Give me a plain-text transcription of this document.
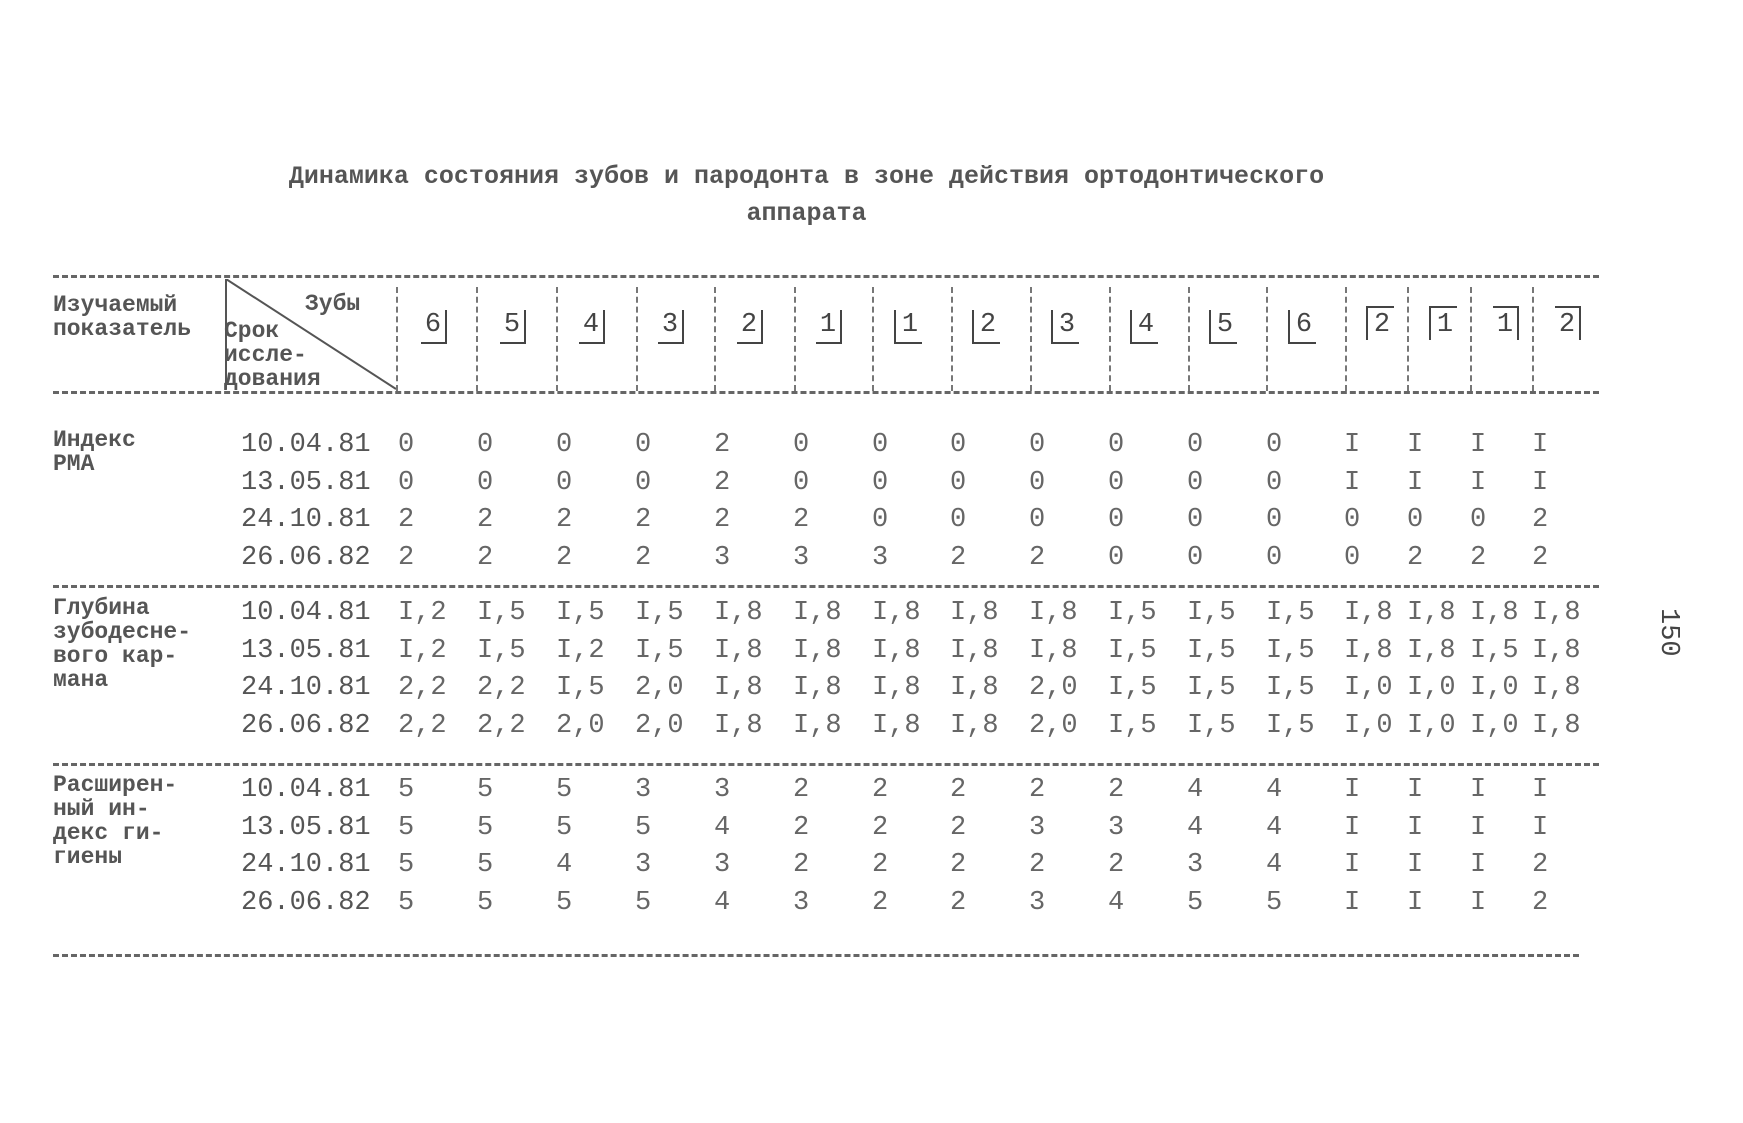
Динамика состояния зубов и пародонта в зоне действия ортодонтического
аппарата
150
Изучаемый
показатель
Зубы
Срок
иссле-
дования
6	5	4	3	2	1	1	2	3	4	5	6	2	1	1	2
Индекс
РМА
10.04.81 0	0	0	0	2	0	0	0	0	0	0	0	I	I	I	I
13.05.81 0	0	0	0	2	0	0	0	0	0	0	0	I	I	I	I
24.10.81 2	2	2	2	2	2	0	0	0	0	0	0	0	0	0	2
26.06.82 2	2	2	2	3	3	3	2	2	0	0	0	0	2	2	2
Глубина
зубодесне-
вого кар-
мана
10.04.81 I,2	I,5	I,5	I,5	I,8	I,8	I,8	I,8	I,8	I,5	I,5	I,5	I,8 I,8 I,8 I,8
13.05.81 I,2	I,5	I,2	I,5	I,8	I,8	I,8	I,8	I,8	I,5	I,5	I,5	I,8 I,8 I,5 I,8
24.10.81 2,2	2,2	I,5	2,0	I,8	I,8	I,8	I,8	2,0	I,5	I,5	I,5	I,0 I,0 I,0 I,8
26.06.82 2,2	2,2	2,0	2,0	I,8	I,8	I,8	I,8	2,0	I,5	I,5	I,5	I,0 I,0 I,0 I,8
Расширен-
ный ин-
декс ги-
гиены
10.04.81 5	5	5	3	3	2	2	2	2	2	4	4	I	I	I	I
13.05.81 5	5	5	5	4	2	2	2	3	3	4	4	I	I	I	I
24.10.81 5	5	4	3	3	2	2	2	2	2	3	4	I	I	I	2
26.06.82 5	5	5	5	4	3	2	2	3	4	5	5	I	I	I	2
